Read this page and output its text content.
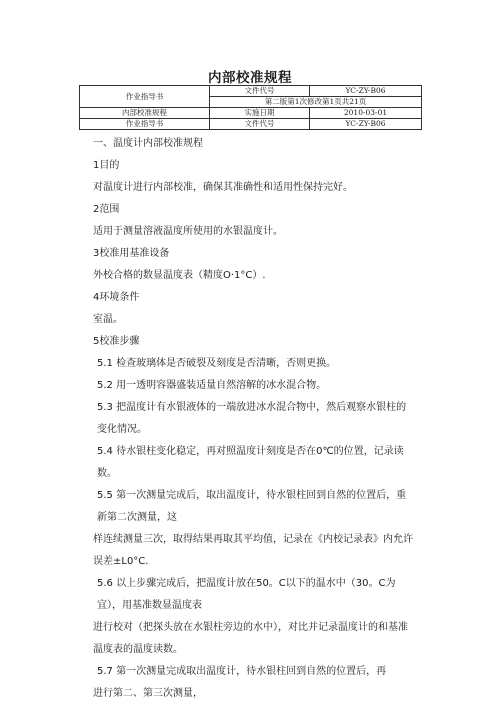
内部校准规程
作业指导书	文件代号	YC-ZY-B06
	第二版第1次修改第1页共21页	
内部校准规程	实施日期	2010-03-01
作业指导书	文件代号	YC-ZY-B06

一、温度计内部校准规程

1目的

对温度计进行内部校准，确保其准确性和适用性保持完好。

2范围

适用于测量溶液温度所使用的水银温度计。

3校准用基准设备

外校合格的数显温度表（精度O·1°C）.

4环境条件

室温。

5校准步骤

5.1 检查玻璃体是否破裂及刻度是否清晰，否则更换。

5.2 用一透明容器盛装适量自然溶解的冰水混合物。

5.3 把温度计有水银液体的一端放进冰水混合物中，然后观察水银柱的变化情况。

5.4 待水银柱变化稳定，再对照温度计刻度是否在0℃的位置，记录读数。

5.5 第一次测量完成后，取出温度计，待水银柱回到自然的位置后，重新第二次测量，这

样连续测量三次，取得结果再取其平均值，记录在《内校记录表》内允许误差±L0°C.

5.6 以上步骤完成后，把温度计放在50。C以下的温水中（30。C为宜），用基准数显温度表

进行校对（把探头放在水银柱旁边的水中），对比并记录温度计的和基准温度表的温度读数。

5.7 第一次测量完成取出温度计，待水银柱回到自然的位置后，再

进行第二、第三次测量，
